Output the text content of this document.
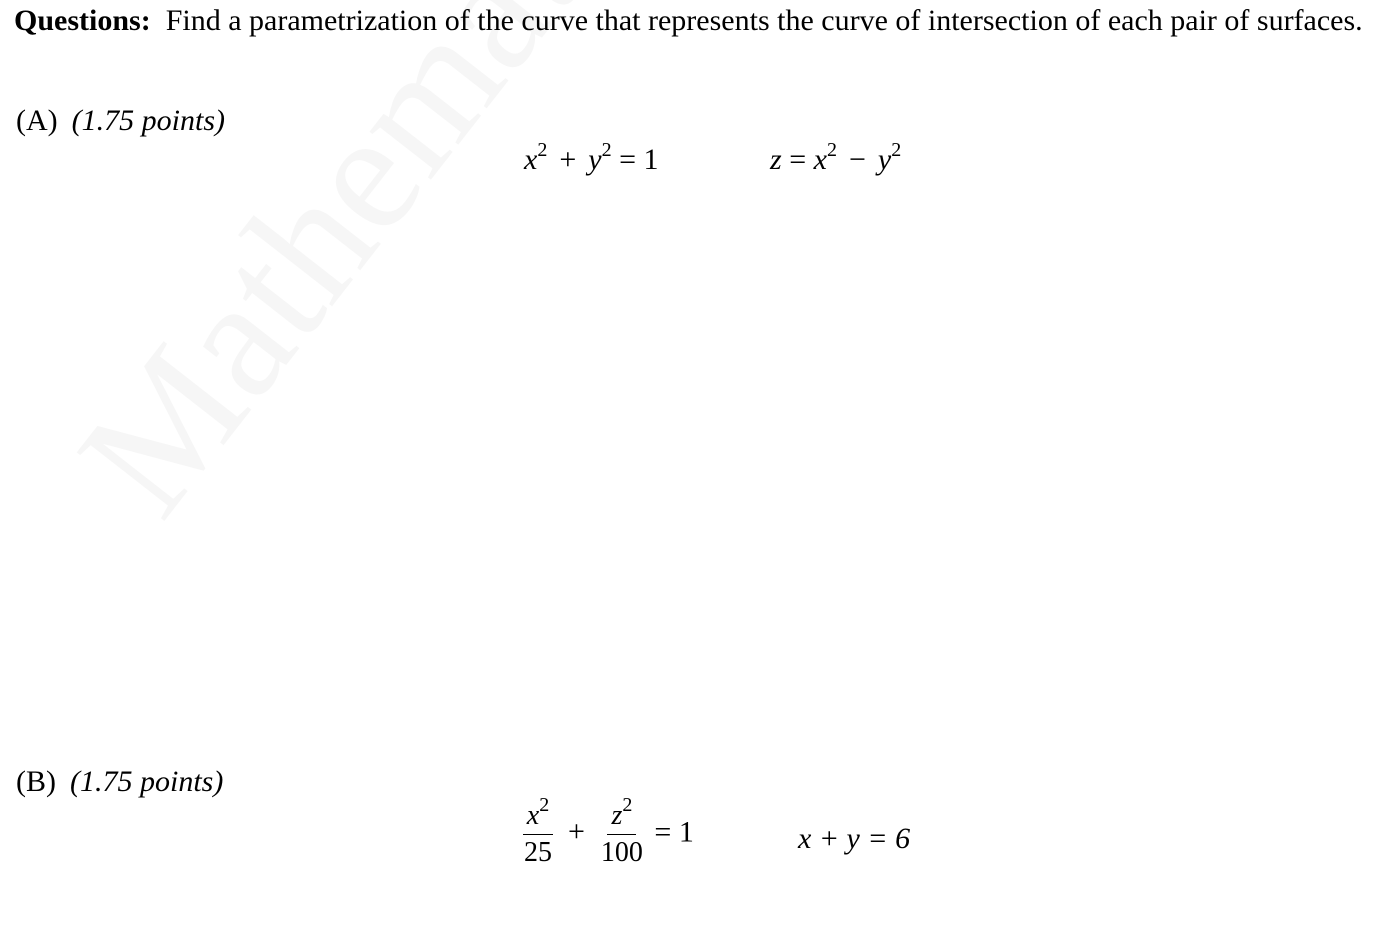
Questions: Find a parametrization of the curve that represents the curve of intersection of each pair of surfaces.
(A) (1.75 points)
$x^2 + y^2 = 1$	$z = x^2 - y^2$
(B) (1.75 points)
$\frac{x^2}{25} + \frac{z^2}{100} = 1$	x + y = 6
